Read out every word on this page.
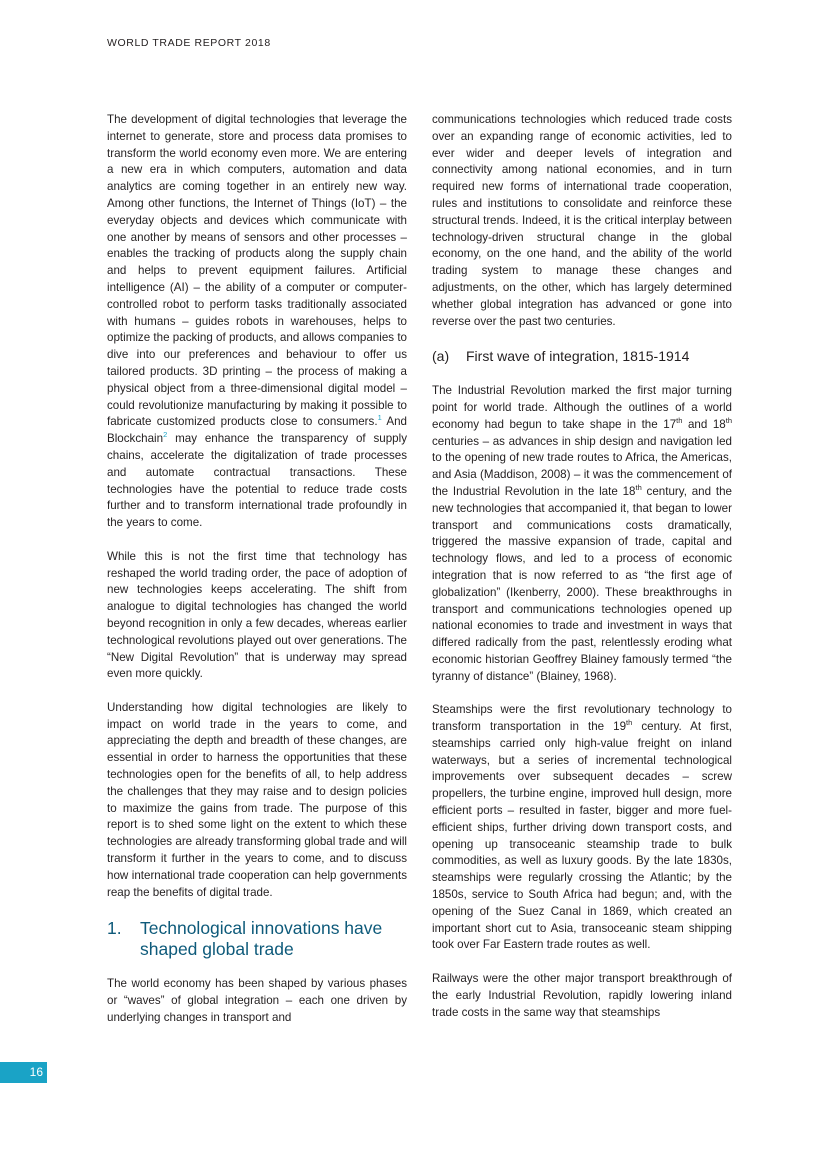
WORLD TRADE REPORT 2018

The development of digital technologies that leverage the internet to generate, store and process data promises to transform the world economy even more. We are entering a new era in which computers, automation and data analytics are coming together in an entirely new way. Among other functions, the Internet of Things (IoT) – the everyday objects and devices which communicate with one another by means of sensors and other processes – enables the tracking of products along the supply chain and helps to prevent equipment failures. Artificial intelligence (AI) – the ability of a computer or computer-controlled robot to perform tasks traditionally associated with humans – guides robots in warehouses, helps to optimize the packing of products, and allows companies to dive into our preferences and behaviour to offer us tailored products. 3D printing – the process of making a physical object from a three-dimensional digital model – could revolutionize manufacturing by making it possible to fabricate customized products close to consumers.$^1$ And Blockchain$^2$ may enhance the transparency of supply chains, accelerate the digitalization of trade processes and automate contractual transactions. These technologies have the potential to reduce trade costs further and to transform international trade profoundly in the years to come.

While this is not the first time that technology has reshaped the world trading order, the pace of adoption of new technologies keeps accelerating. The shift from analogue to digital technologies has changed the world beyond recognition in only a few decades, whereas earlier technological revolutions played out over generations. The “New Digital Revolution” that is underway may spread even more quickly.

Understanding how digital technologies are likely to impact on world trade in the years to come, and appreciating the depth and breadth of these changes, are essential in order to harness the opportunities that these technologies open for the benefits of all, to help address the challenges that they may raise and to design policies to maximize the gains from trade. The purpose of this report is to shed some light on the extent to which these technologies are already transforming global trade and will transform it further in the years to come, and to discuss how international trade cooperation can help governments reap the benefits of digital trade.

1.	Technological innovations have shaped global trade

The world economy has been shaped by various phases or “waves” of global integration – each one driven by underlying changes in transport and

communications technologies which reduced trade costs over an expanding range of economic activities, led to ever wider and deeper levels of integration and connectivity among national economies, and in turn required new forms of international trade cooperation, rules and institutions to consolidate and reinforce these structural trends. Indeed, it is the critical interplay between technology-driven structural change in the global economy, on the one hand, and the ability of the world trading system to manage these changes and adjustments, on the other, which has largely determined whether global integration has advanced or gone into reverse over the past two centuries.

(a)	First wave of integration, 1815-1914

The Industrial Revolution marked the first major turning point for world trade. Although the outlines of a world economy had begun to take shape in the 17th and 18th centuries – as advances in ship design and navigation led to the opening of new trade routes to Africa, the Americas, and Asia (Maddison, 2008) – it was the commencement of the Industrial Revolution in the late 18th century, and the new technologies that accompanied it, that began to lower transport and communications costs dramatically, triggered the massive expansion of trade, capital and technology flows, and led to a process of economic integration that is now referred to as “the first age of globalization” (Ikenberry, 2000). These breakthroughs in transport and communications technologies opened up national economies to trade and investment in ways that differed radically from the past, relentlessly eroding what economic historian Geoffrey Blainey famously termed “the tyranny of distance” (Blainey, 1968).

Steamships were the first revolutionary technology to transform transportation in the 19th century. At first, steamships carried only high-value freight on inland waterways, but a series of incremental technological improvements over subsequent decades – screw propellers, the turbine engine, improved hull design, more efficient ports – resulted in faster, bigger and more fuel-efficient ships, further driving down transport costs, and opening up transoceanic steamship trade to bulk commodities, as well as luxury goods. By the late 1830s, steamships were regularly crossing the Atlantic; by the 1850s, service to South Africa had begun; and, with the opening of the Suez Canal in 1869, which created an important short cut to Asia, transoceanic steam shipping took over Far Eastern trade routes as well.

Railways were the other major transport breakthrough of the early Industrial Revolution, rapidly lowering inland trade costs in the same way that steamships

16
